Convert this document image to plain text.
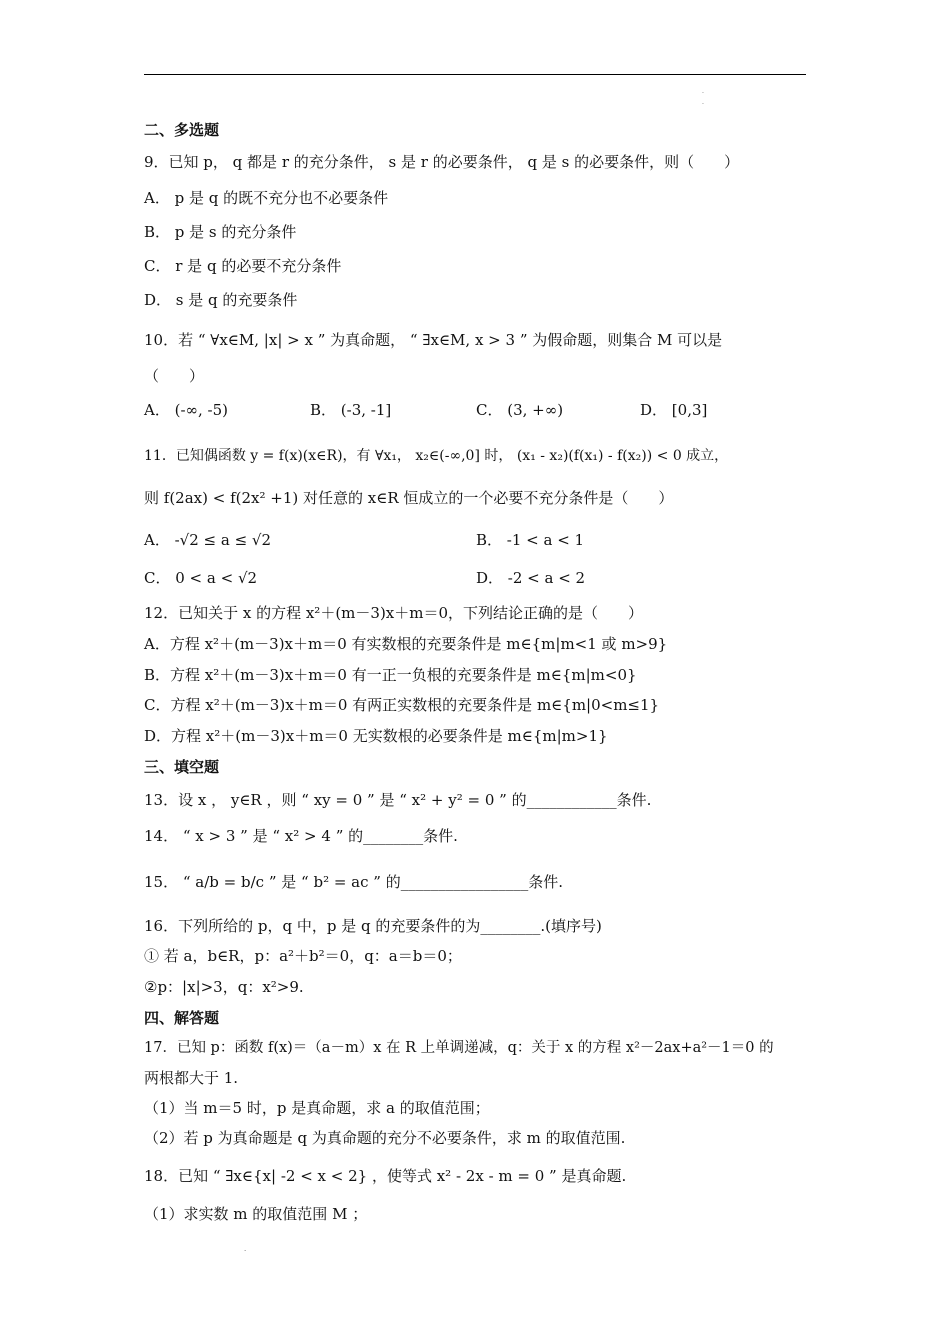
.
.
二、多选题
9．已知 p， q 都是 r 的充分条件， s 是 r 的必要条件， q 是 s 的必要条件，则（　　）
A． p 是 q 的既不充分也不必要条件
B． p 是 s 的充分条件
C． r 是 q 的必要不充分条件
D． s 是 q 的充要条件
10．若 “ ∀x∈M, |x| > x ” 为真命题， “ ∃x∈M, x > 3 ” 为假命题，则集合 M 可以是
（　　）
A． (-∞, -5)	B． (-3, -1]	C． (3, +∞)	D． [0,3]
11．已知偶函数 y = f(x)(x∈R)，有 ∀x₁， x₂∈(-∞,0] 时， (x₁ - x₂)(f(x₁) - f(x₂)) < 0 成立，
则 f(2ax) < f(2x² +1) 对任意的 x∈R 恒成立的一个必要不充分条件是（　　）
A． -√2 ≤ a ≤ √2	B． -1 < a < 1
C． 0 < a < √2	D． -2 < a < 2
12．已知关于 x 的方程 x²＋(m－3)x＋m＝0，下列结论正确的是（　　）
A．方程 x²＋(m－3)x＋m＝0 有实数根的充要条件是 m∈{m|m<1 或 m>9}
B．方程 x²＋(m－3)x＋m＝0 有一正一负根的充要条件是 m∈{m|m<0}
C．方程 x²＋(m－3)x＋m＝0 有两正实数根的充要条件是 m∈{m|0<m≤1}
D．方程 x²＋(m－3)x＋m＝0 无实数根的必要条件是 m∈{m|m>1}
三、填空题
13．设 x ， y∈R ，则 “ xy = 0 ” 是 “ x² + y² = 0 ” 的____________条件.
14． “ x > 3 ” 是 “ x² > 4 ” 的________条件.
15． “ a/b = b/c ” 是 “ b² = ac ” 的_________________条件.
16．下列所给的 p，q 中，p 是 q 的充要条件的为________.(填序号)
① 若 a，b∈R，p：a²＋b²＝0，q：a＝b＝0；
②p：|x|>3，q：x²>9.
四、解答题
17．已知 p：函数 f(x)＝（a－m）x 在 R 上单调递减，q：关于 x 的方程 x²－2ax+a²－1＝0 的
两根都大于 1.
（1）当 m＝5 时，p 是真命题，求 a 的取值范围；
（2）若 p 为真命题是 q 为真命题的充分不必要条件，求 m 的取值范围.
18．已知 “ ∃x∈{x| -2 < x < 2} ，使等式 x² - 2x - m = 0 ” 是真命题.
（1）求实数 m 的取值范围 M ；
.
